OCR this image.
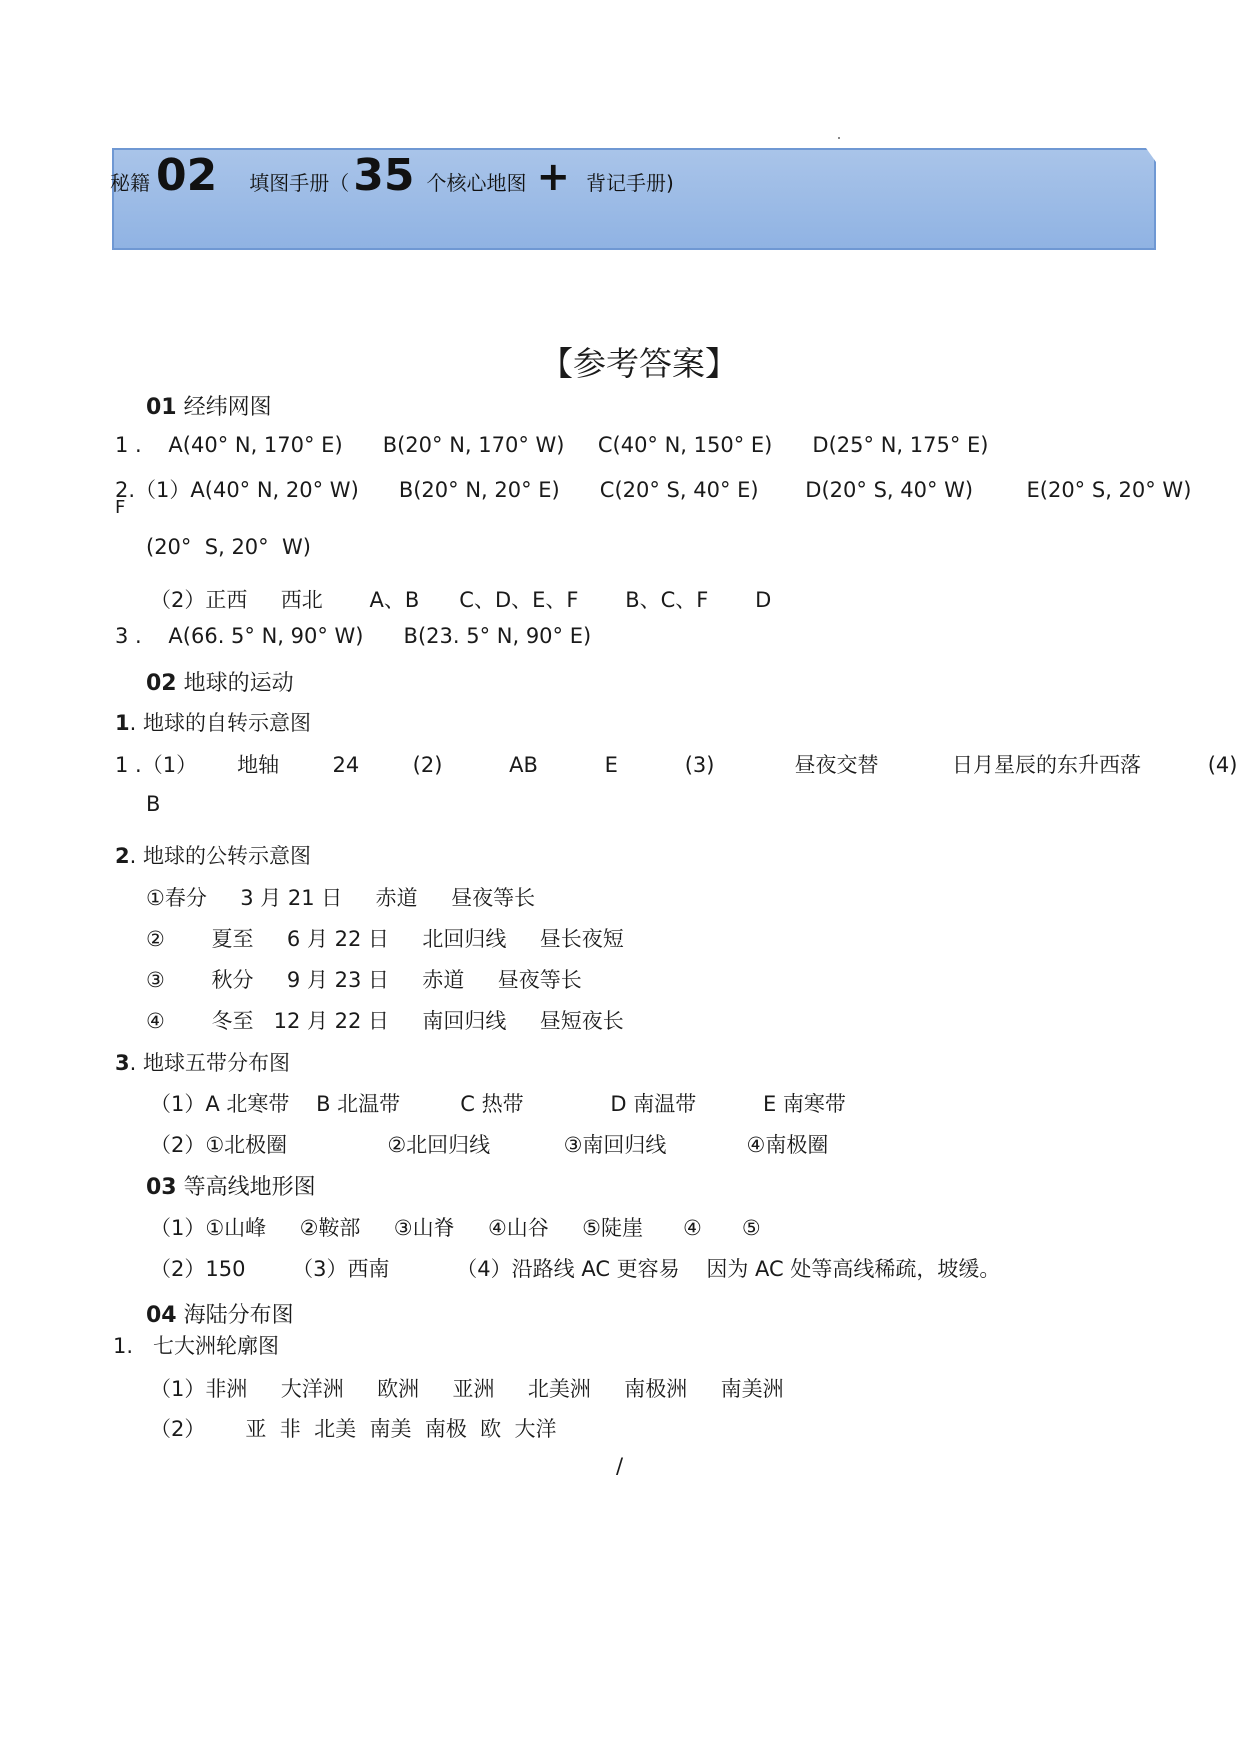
秘籍 02 填图手册（ 35 个核心地图 + 背记手册)
【参考答案】
01 经纬网图
1 .    A(40° N, 170° E)      B(20° N, 170° W)     C(40° N, 150° E)      D(25° N, 175° E)
2.（1）A(40° N, 20° W)      B(20° N, 20° E)      C(20° S, 40° E)       D(20° S, 40° W)        E(20° S, 20° W)
F
(20°  S, 20°  W)
（2）正西     西北       A、B      C、D、E、F       B、C、F       D
3 .    A(66. 5° N, 90° W)      B(23. 5° N, 90° E)
02 地球的运动
1. 地球的自转示意图
1 .（1）      地轴        24        (2)          AB          E          (3)            昼夜交替           日月星辰的东升西落          (4)
B
2. 地球的公转示意图
①春分     3 月 21 日     赤道     昼夜等长
②       夏至     6 月 22 日     北回归线     昼长夜短
③       秋分     9 月 23 日     赤道     昼夜等长
④       冬至   12 月 22 日     南回归线     昼短夜长
3. 地球五带分布图
（1）A 北寒带    B 北温带         C 热带             D 南温带          E 南寒带
（2）①北极圈               ②北回归线           ③南回归线            ④南极圈
03 等高线地形图
（1）①山峰     ②鞍部     ③山脊     ④山谷     ⑤陡崖      ④      ⑤
（2）150       （3）西南          （4）沿路线 AC 更容易    因为 AC 处等高线稀疏，坡缓。
04 海陆分布图
1.   七大洲轮廓图
（1）非洲     大洋洲     欧洲     亚洲     北美洲     南极洲     南美洲
（2）      亚  非  北美  南美  南极  欧  大洋
/
